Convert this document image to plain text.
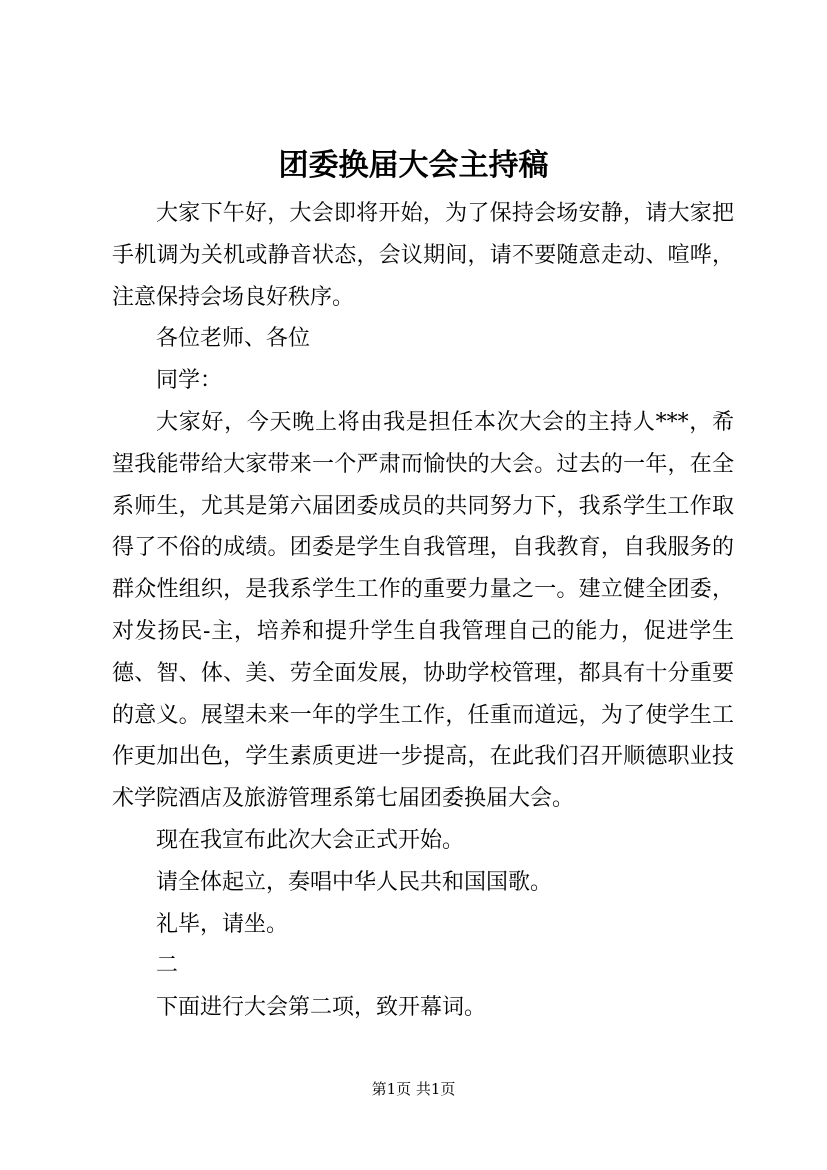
团委换届大会主持稿

大家下午好，大会即将开始，为了保持会场安静，请大家把手机调为关机或静音状态，会议期间，请不要随意走动、喧哗，注意保持会场良好秩序。

各位老师、各位

同学：

大家好，今天晚上将由我是担任本次大会的主持人***，希望我能带给大家带来一个严肃而愉快的大会。过去的一年，在全系师生，尤其是第六届团委成员的共同努力下，我系学生工作取得了不俗的成绩。团委是学生自我管理，自我教育，自我服务的群众性组织，是我系学生工作的重要力量之一。建立健全团委，对发扬民-主，培养和提升学生自我管理自己的能力，促进学生德、智、体、美、劳全面发展，协助学校管理，都具有十分重要的意义。展望未来一年的学生工作，任重而道远，为了使学生工作更加出色，学生素质更进一步提高，在此我们召开顺德职业技术学院酒店及旅游管理系第七届团委换届大会。

现在我宣布此次大会正式开始。

请全体起立，奏唱中华人民共和国国歌。

礼毕，请坐。

二

下面进行大会第二项，致开幕词。

第1页 共1页
